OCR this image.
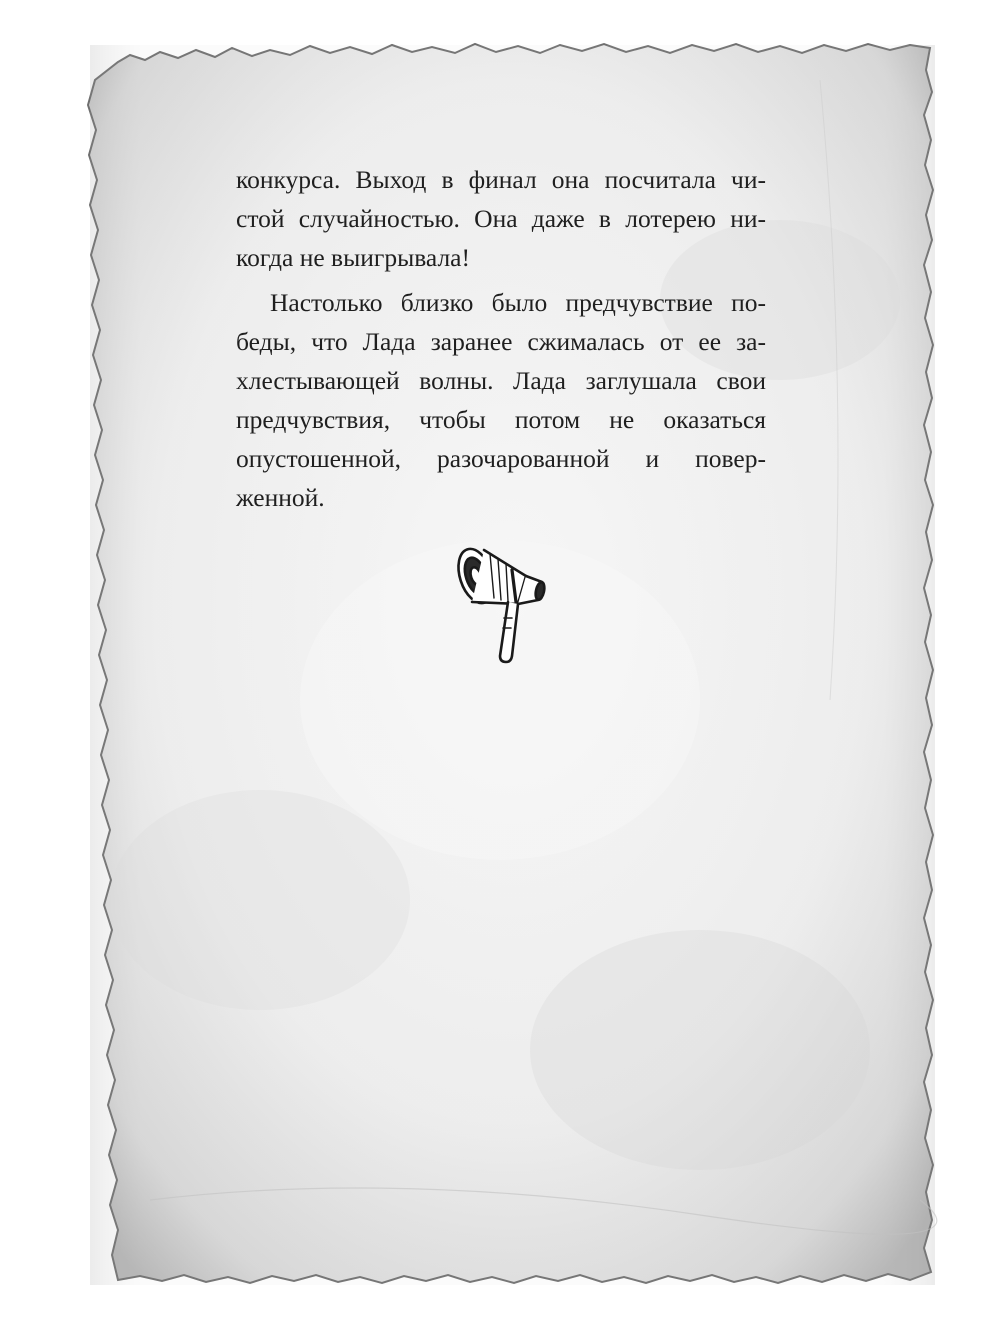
конкурса. Выход в финал она посчитала чи-
стой случайностью. Она даже в лотерею ни-
когда не выигрывала!

Настолько близко было предчувствие по-
беды, что Лада заранее сжималась от ее за-
хлестывающей волны. Лада заглушала свои
предчувствия, чтобы потом не оказаться
опустошенной, разочарованной и повер-
женной.
